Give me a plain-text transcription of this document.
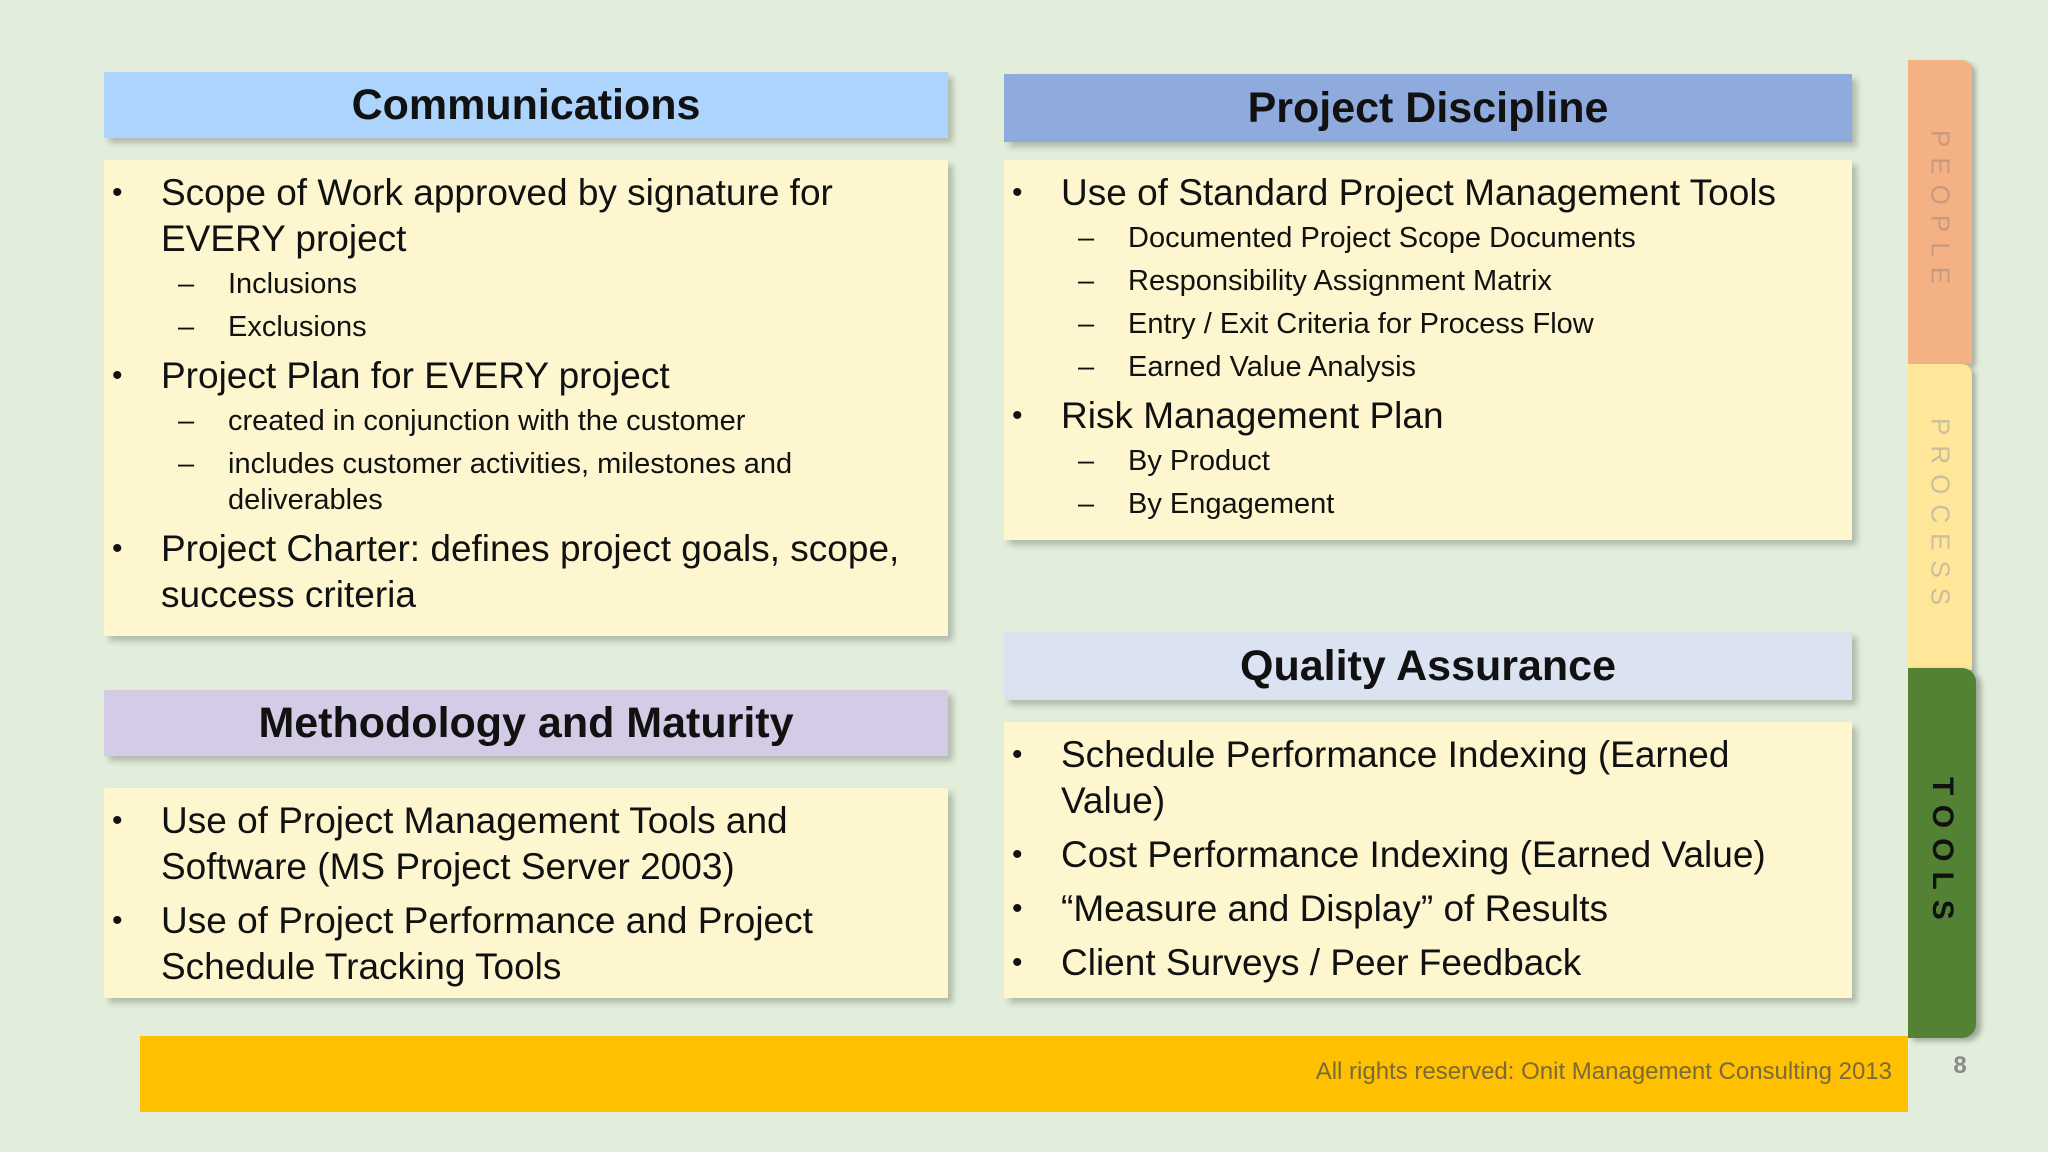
Communications
• Scope of Work approved by signature for EVERY project
– Inclusions
– Exclusions
• Project Plan for EVERY project
– created in conjunction with the customer
– includes customer activities, milestones and deliverables
• Project Charter: defines project goals, scope, success criteria
Methodology and Maturity
• Use of Project Management Tools and Software (MS Project Server 2003)
• Use of Project Performance and Project Schedule Tracking Tools
Project Discipline
• Use of Standard Project Management Tools
– Documented Project Scope Documents
– Responsibility Assignment Matrix
– Entry / Exit Criteria for Process Flow
– Earned Value Analysis
• Risk Management Plan
– By Product
– By Engagement
Quality Assurance
• Schedule Performance Indexing (Earned Value)
• Cost Performance Indexing (Earned Value)
• “Measure and Display” of Results
• Client Surveys / Peer Feedback
PEOPLE
PROCESS
TOOLS
All rights reserved: Onit Management Consulting 2013	8
